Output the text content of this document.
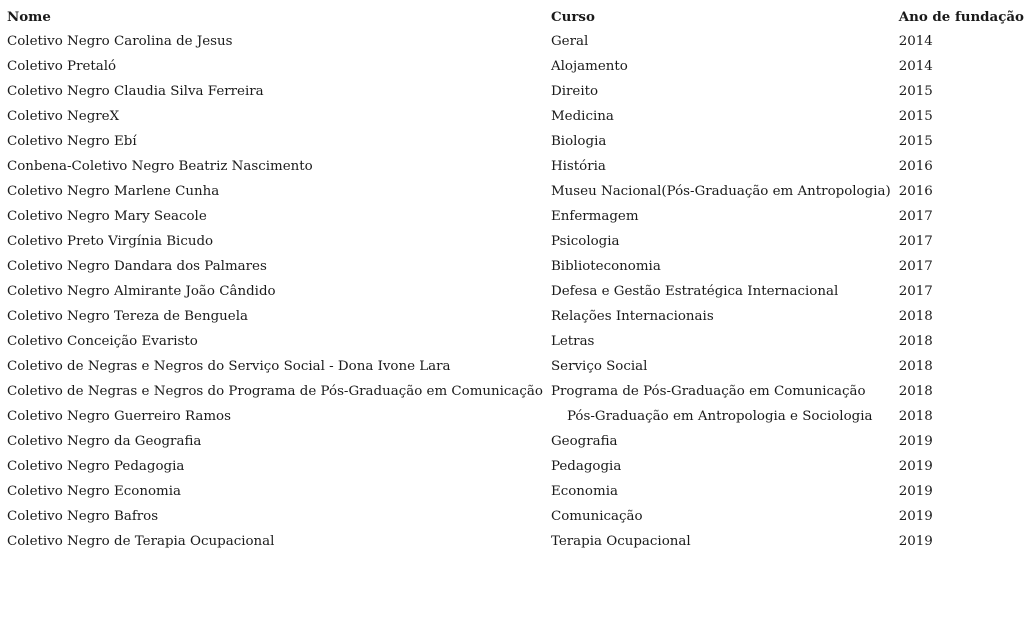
Nome	Curso	Ano de fundação
Coletivo Negro Carolina de Jesus	Geral	2014
Coletivo Pretaló	Alojamento	2014
Coletivo Negro Claudia Silva Ferreira	Direito	2015
Coletivo NegreX	Medicina	2015
Coletivo Negro Ebí	Biologia	2015
Conbena-Coletivo Negro Beatriz Nascimento	História	2016
Coletivo Negro Marlene Cunha	Museu Nacional(Pós-Graduação em Antropologia)	2016
Coletivo Negro Mary Seacole	Enfermagem	2017
Coletivo Preto Virgínia Bicudo	Psicologia	2017
Coletivo Negro Dandara dos Palmares	Biblioteconomia	2017
Coletivo Negro Almirante João Cândido	Defesa e Gestão Estratégica Internacional	2017
Coletivo Negro Tereza de Benguela	Relações Internacionais	2018
Coletivo Conceição Evaristo	Letras	2018
Coletivo de Negras e Negros do Serviço Social - Dona Ivone Lara	Serviço Social	2018
Coletivo de Negras e Negros do Programa de Pós-Graduação em Comunicação	Programa de Pós-Graduação em Comunicação	2018
Coletivo Negro Guerreiro Ramos	Pós-Graduação em Antropologia e Sociologia	2018
Coletivo Negro da Geografia	Geografia	2019
Coletivo Negro Pedagogia	Pedagogia	2019
Coletivo Negro Economia	Economia	2019
Coletivo Negro Bafros	Comunicação	2019
Coletivo Negro de Terapia Ocupacional	Terapia Ocupacional	2019
